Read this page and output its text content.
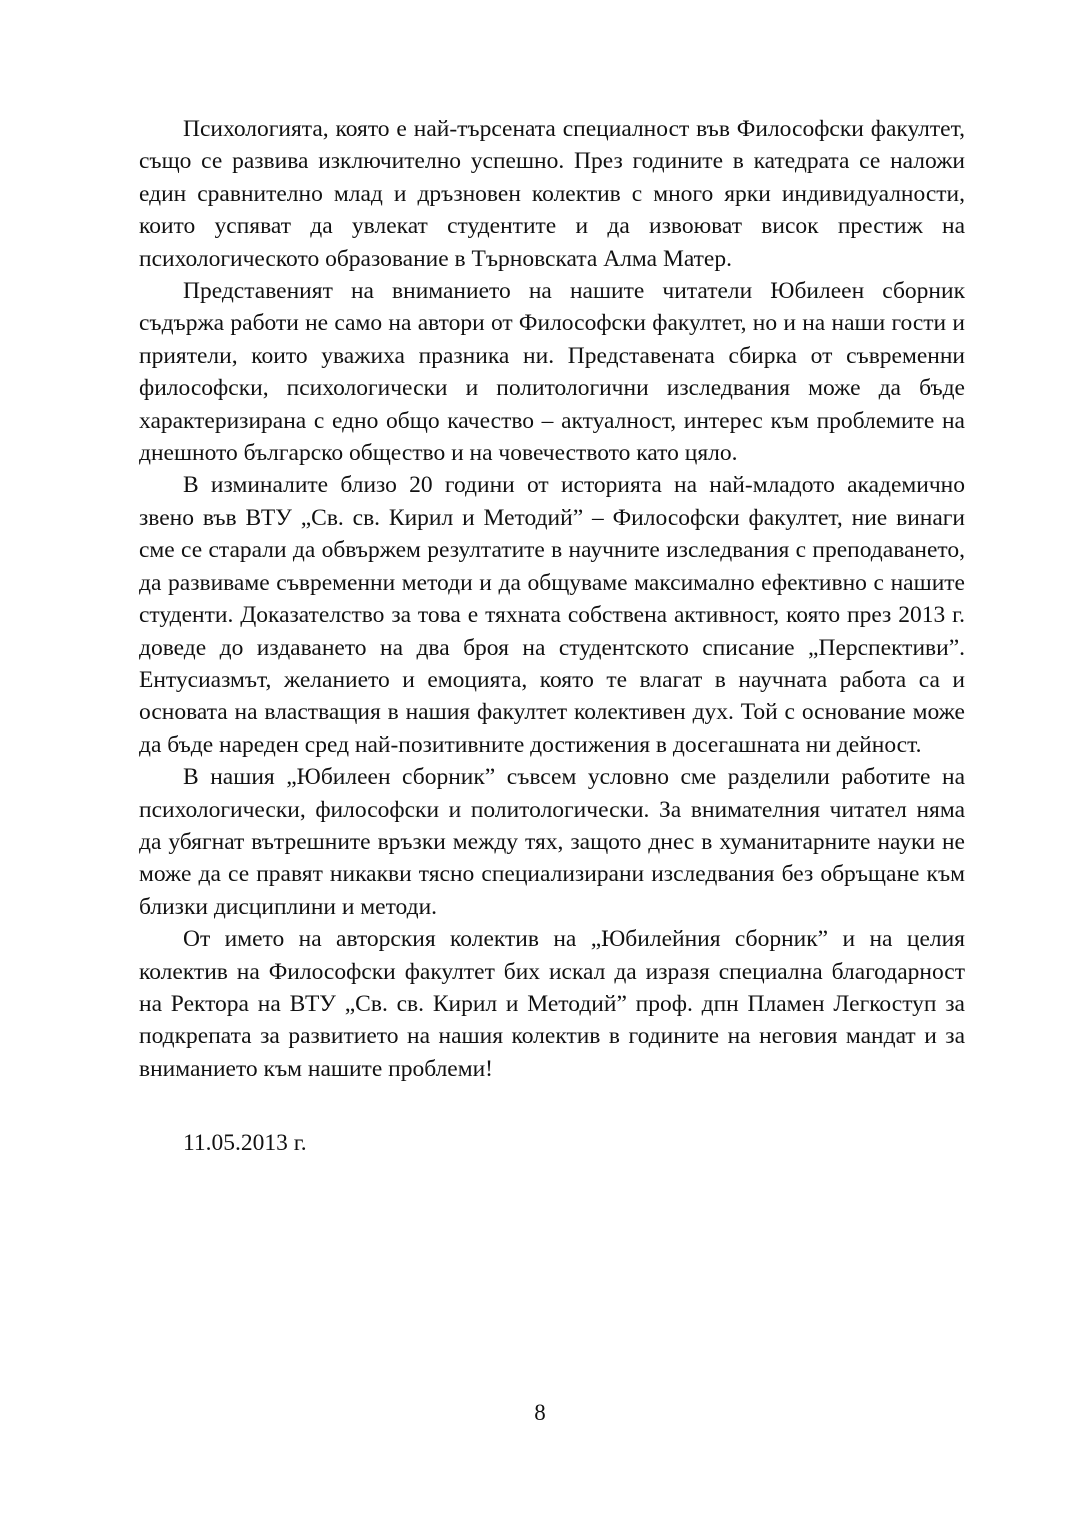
Психологията, която е най-търсената специалност във Философски факултет, също се развива изключително успешно. През годините в катедрата се наложи един сравнително млад и дръзновен колектив с много ярки индивидуалности, които успяват да увлекат студентите и да извоюват висок престиж на психологическото образование в Търновската Алма Матер.

Представеният на вниманието на нашите читатели Юбилеен сборник съдържа работи не само на автори от Философски факултет, но и на наши гости и приятели, които уважиха празника ни. Представената сбирка от съвременни философски, психологически и политологични изследвания може да бъде характеризирана с едно общо качество – актуалност, интерес към проблемите на днешното българско общество и на човечеството като цяло.

В изминалите близо 20 години от историята на най-младото академично звено във ВТУ „Св. св. Кирил и Методий” – Философски факултет, ние винаги сме се старали да обвържем резултатите в научните изследвания с преподаването, да развиваме съвременни методи и да общуваме максимално ефективно с нашите студенти. Доказателство за това е тяхната собствена активност, която през 2013 г. доведе до издаването на два броя на студентското списание „Перспективи”. Ентусиазмът, желанието и емоцията, която те влагат в научната работа са и основата на властващия в нашия факултет колективен дух. Той с основание може да бъде нареден сред най-позитивните достижения в досегашната ни дейност.

В нашия „Юбилеен сборник” съвсем условно сме разделили работите на психологически, философски и политологически. За внимателния читател няма да убягнат вътрешните връзки между тях, защото днес в хуманитарните науки не може да се правят никакви тясно специализирани изследвания без обръщане към близки дисциплини и методи.

От името на авторския колектив на „Юбилейния сборник” и на целия колектив на Философски факултет бих искал да изразя специална благодарност на Ректора на ВТУ „Св. св. Кирил и Методий” проф. дпн Пламен Легкоступ за подкрепата за развитието на нашия колектив в годините на неговия мандат и за вниманието към нашите проблеми!

11.05.2013 г.

8
